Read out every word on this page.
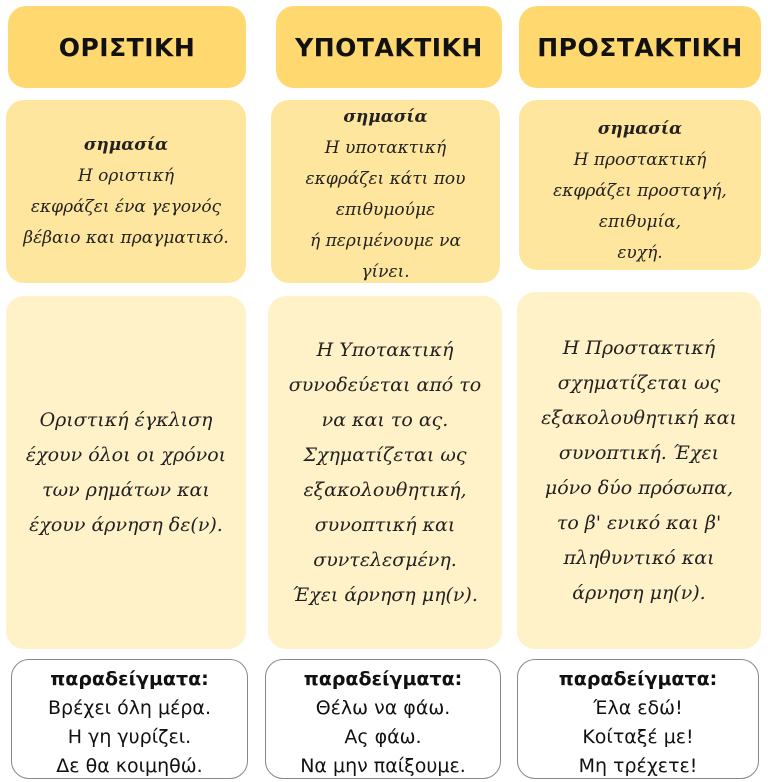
ΟΡΙΣΤΙΚΗ
σημασία
Η οριστική
εκφράζει ένα γεγονός
βέβαιο και πραγματικό.
Οριστική έγκλιση
έχουν όλοι οι χρόνοι
των ρημάτων και
έχουν άρνηση δε(ν).
παραδείγματα:
Βρέχει όλη μέρα.
Η γη γυρίζει.
Δε θα κοιμηθώ.
ΥΠΟΤΑΚΤΙΚΗ
σημασία
Η υποτακτική
εκφράζει κάτι που
επιθυμούμε
ή περιμένουμε να
γίνει.
Η Υποτακτική
συνοδεύεται από το
να και το ας.
Σχηματίζεται ως
εξακολουθητική,
συνοπτική και
συντελεσμένη.
Έχει άρνηση μη(ν).
παραδείγματα:
Θέλω να φάω.
Ας φάω.
Να μην παίξουμε.
ΠΡΟΣΤΑΚΤΙΚΗ
σημασία
Η προστακτική
εκφράζει προσταγή,
επιθυμία,
ευχή.
Η Προστακτική
σχηματίζεται ως
εξακολουθητική και
συνοπτική. Έχει
μόνο δύο πρόσωπα,
το β' ενικό και β'
πληθυντικό και
άρνηση μη(ν).
παραδείγματα:
Έλα εδώ!
Κοίταξέ με!
Μη τρέχετε!
